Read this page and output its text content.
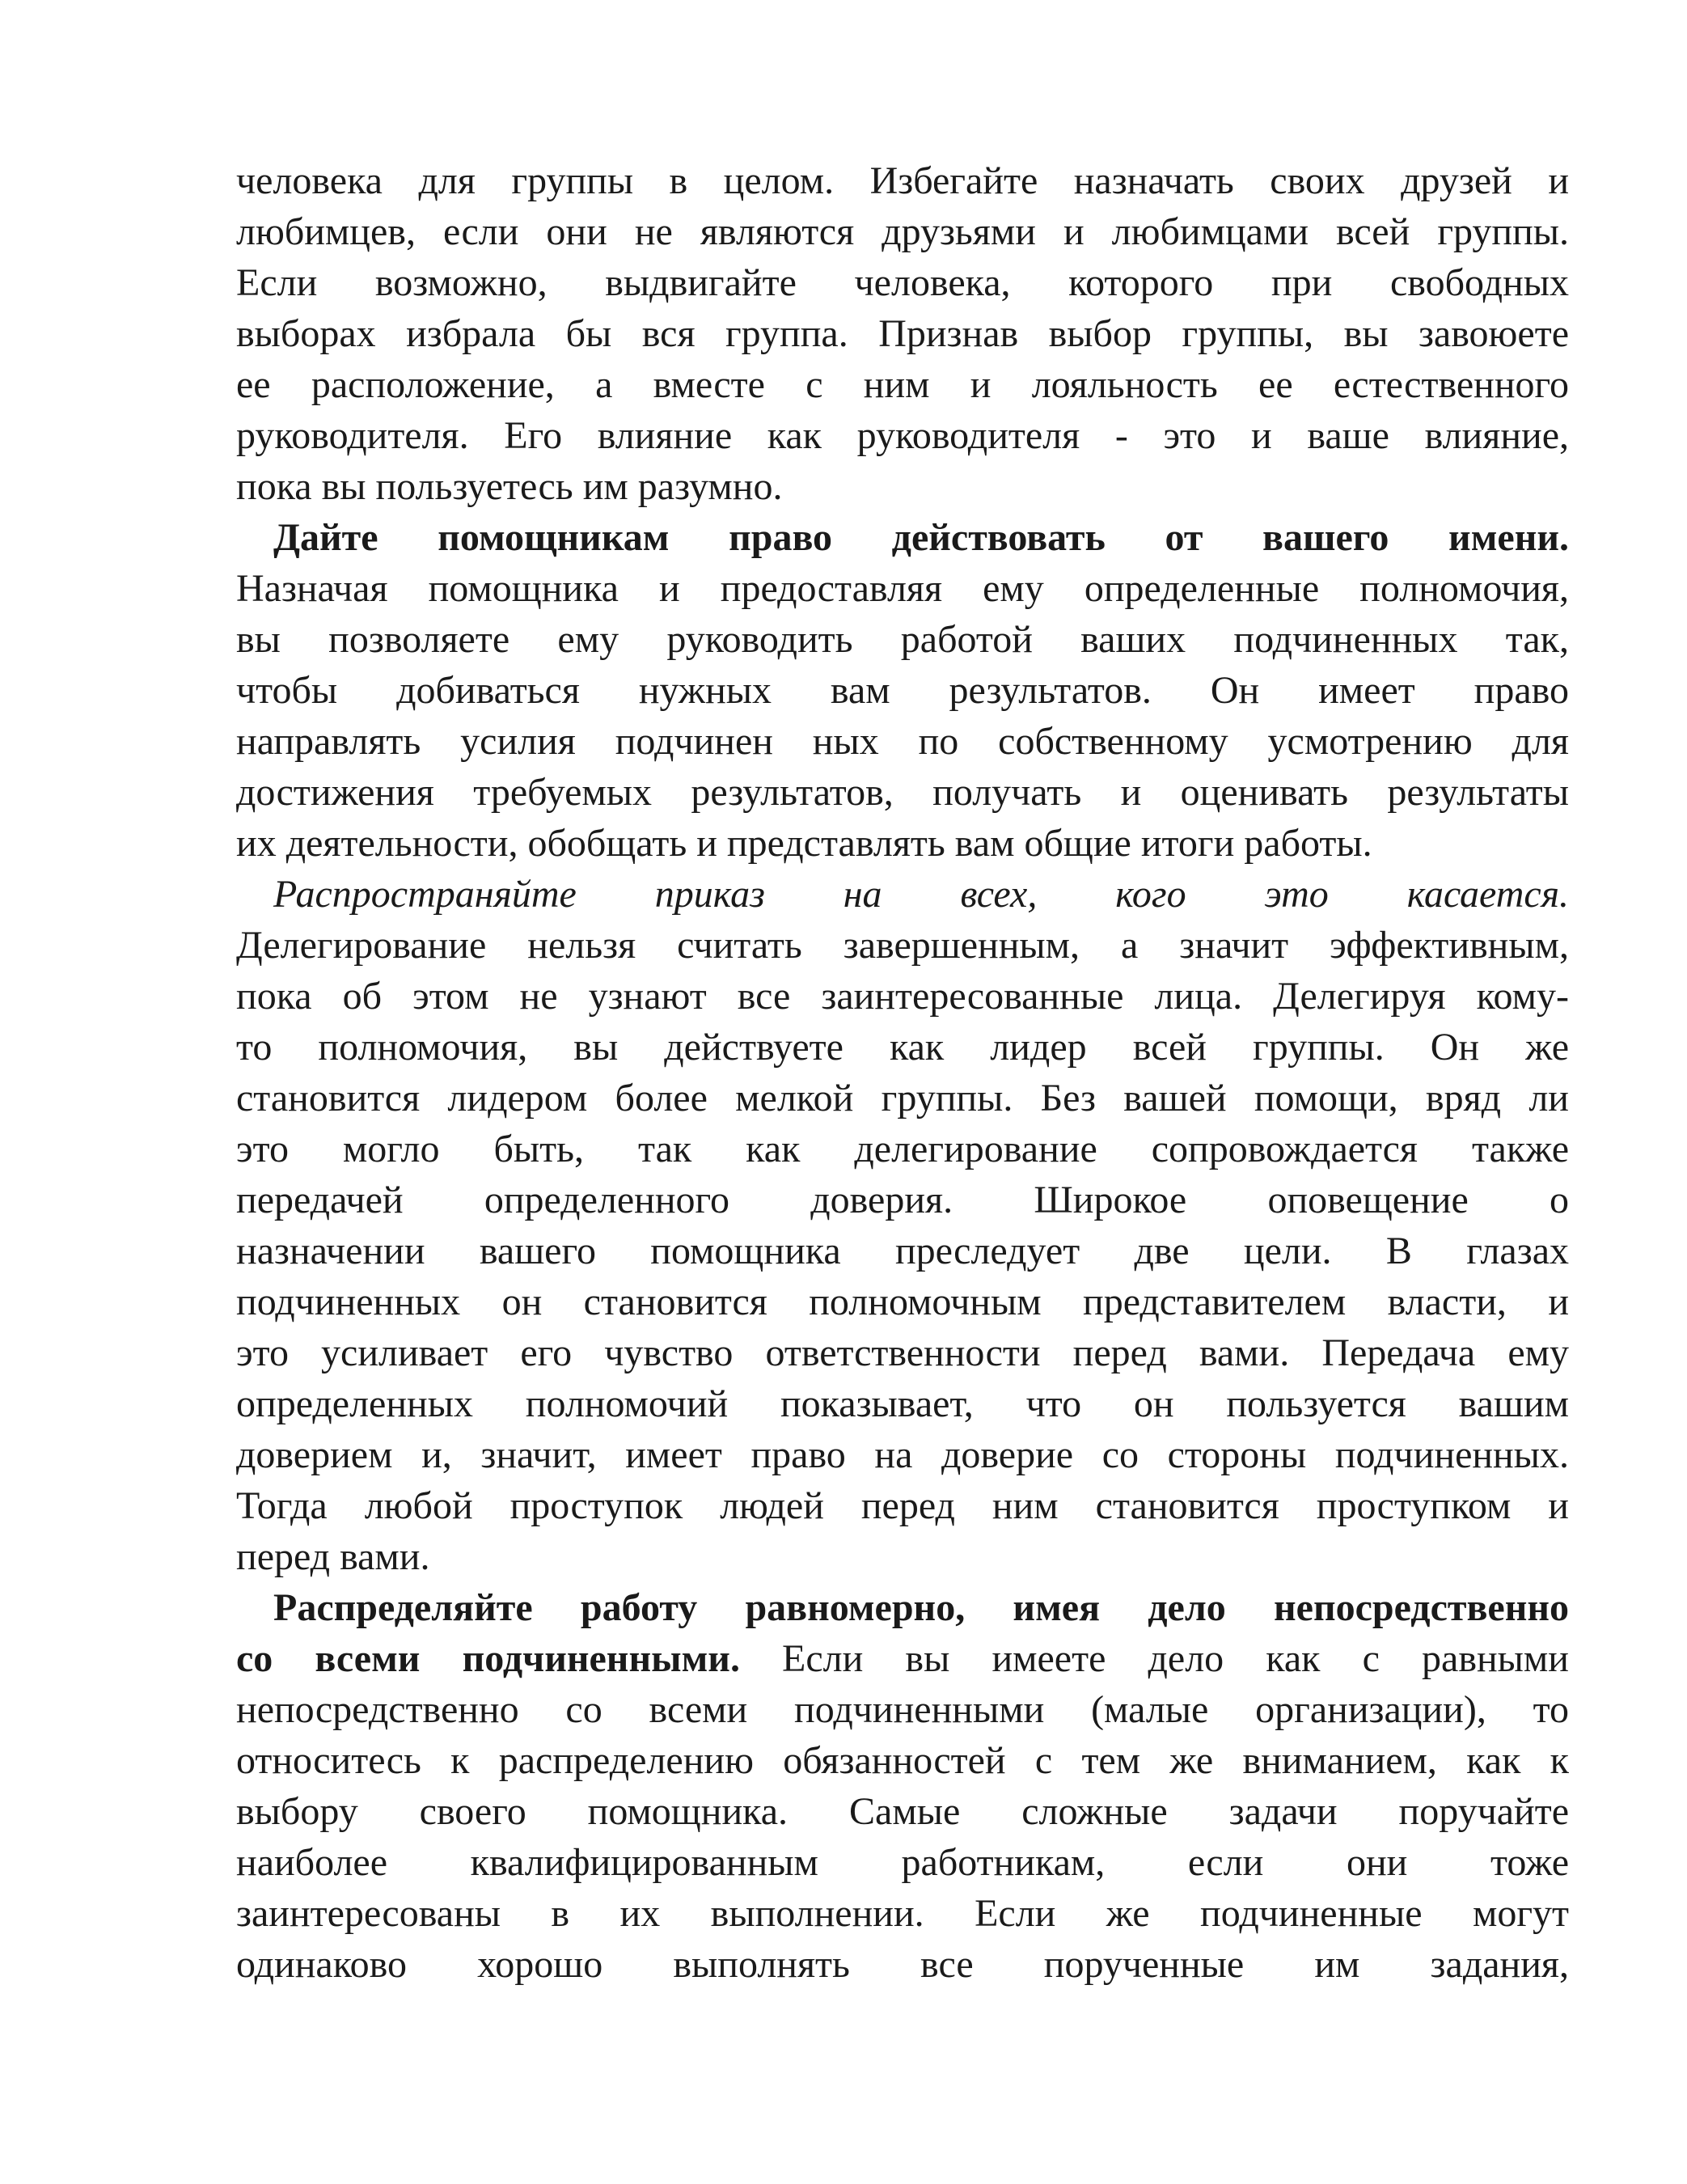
человека для группы в целом. Избегайте назначать своих друзей и
любимцев, если они не являются друзьями и любимцами всей группы.
Если возможно, выдвигайте человека, которого при свободных
выборах избрала бы вся группа. Признав выбор группы, вы завоюете
ее расположение, а вместе с ним и лояльность ее естественного
руководителя. Его влияние как руководителя - это и ваше влияние,
пока вы пользуетесь им разумно.
Дайте помощникам право действовать от вашего имени.
Назначая помощника и предоставляя ему определенные полномочия,
вы позволяете ему руководить работой ваших подчиненных так,
чтобы добиваться нужных вам результатов. Он имеет право
направлять усилия подчинен ных по собственному усмотрению для
достижения требуемых результатов, получать и оценивать результаты
их деятельности, обобщать и представлять вам общие итоги работы.
Распространяйте приказ на всех, кого это касается.
Делегирование нельзя считать завершенным, а значит эффективным,
пока об этом не узнают все заинтересованные лица. Делегируя кому-
то полномочия, вы действуете как лидер всей группы. Он же
становится лидером более мелкой группы. Без вашей помощи, вряд ли
это могло быть, так как делегирование сопровождается также
передачей определенного доверия. Широкое оповещение о
назначении вашего помощника преследует две цели. В глазах
подчиненных он становится полномочным представителем власти, и
это усиливает его чувство ответственности перед вами. Передача ему
определенных полномочий показывает, что он пользуется вашим
доверием и, значит, имеет право на доверие со стороны подчиненных.
Тогда любой проступок людей перед ним становится проступком и
перед вами.
Распределяйте работу равномерно, имея дело непосредственно
со всеми подчиненными. Если вы имеете дело как с равными
непосредственно со всеми подчиненными (малые организации), то
относитесь к распределению обязанностей с тем же вниманием, как к
выбору своего помощника. Самые сложные задачи поручайте
наиболее квалифицированным работникам, если они тоже
заинтересованы в их выполнении. Если же подчиненные могут
одинаково хорошо выполнять все порученные им задания,
